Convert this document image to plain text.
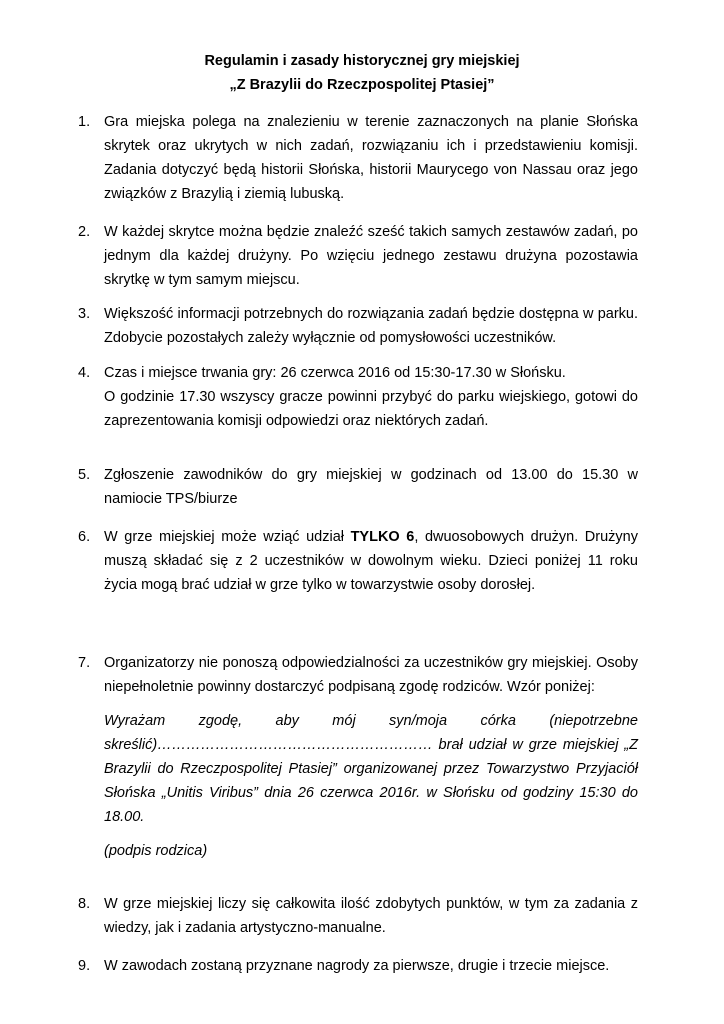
Regulamin i zasady historycznej gry miejskiej
„Z Brazylii do Rzeczpospolitej Ptasiej”
1. Gra miejska polega na znalezieniu w terenie zaznaczonych na planie Słońska skrytek oraz ukrytych w nich zadań, rozwiązaniu ich i przedstawieniu komisji. Zadania dotyczyć będą historii Słońska, historii Maurycego von Nassau oraz jego związków z Brazylią i ziemią lubuską.

2. W każdej skrytce można będzie znaleźć sześć takich samych zestawów zadań, po jednym dla każdej drużyny. Po wzięciu jednego zestawu drużyna pozostawia skrytkę w tym samym miejscu.

3. Większość informacji potrzebnych do rozwiązania zadań będzie dostępna w parku. Zdobycie pozostałych zależy wyłącznie od pomysłowości uczestników.

4. Czas i miejsce trwania gry: 26 czerwca 2016 od 15:30-17.30 w Słońsku.

O godzinie 17.30 wszyscy gracze powinni przybyć do parku wiejskiego, gotowi do zaprezentowania komisji odpowiedzi oraz niektórych zadań.

5. Zgłoszenie zawodników do gry miejskiej w godzinach od 13.00 do 15.30 w namiocie TPS/biurze

6. W grze miejskiej może wziąć udział TYLKO 6, dwuosobowych drużyn. Drużyny muszą składać się z 2 uczestników w dowolnym wieku. Dzieci poniżej 11 roku życia mogą brać udział w grze tylko w towarzystwie osoby dorosłej.

7. Organizatorzy nie ponoszą odpowiedzialności za uczestników gry miejskiej. Osoby niepełnoletnie powinny dostarczyć podpisaną zgodę rodziców. Wzór poniżej:

Wyrażam zgodę, aby mój syn/moja córka (niepotrzebne skreślić)………………………………………………… brał udział w grze miejskiej „Z Brazylii do Rzeczpospolitej Ptasiej” organizowanej przez Towarzystwo Przyjaciół Słońska „Unitis Viribus” dnia 26 czerwca 2016r. w Słońsku od godziny 15:30 do 18.00.

(podpis rodzica)

8. W grze miejskiej liczy się całkowita ilość zdobytych punktów, w tym za zadania z wiedzy, jak i zadania artystyczno-manualne.

9. W zawodach zostaną przyznane nagrody za pierwsze, drugie i trzecie miejsce.
